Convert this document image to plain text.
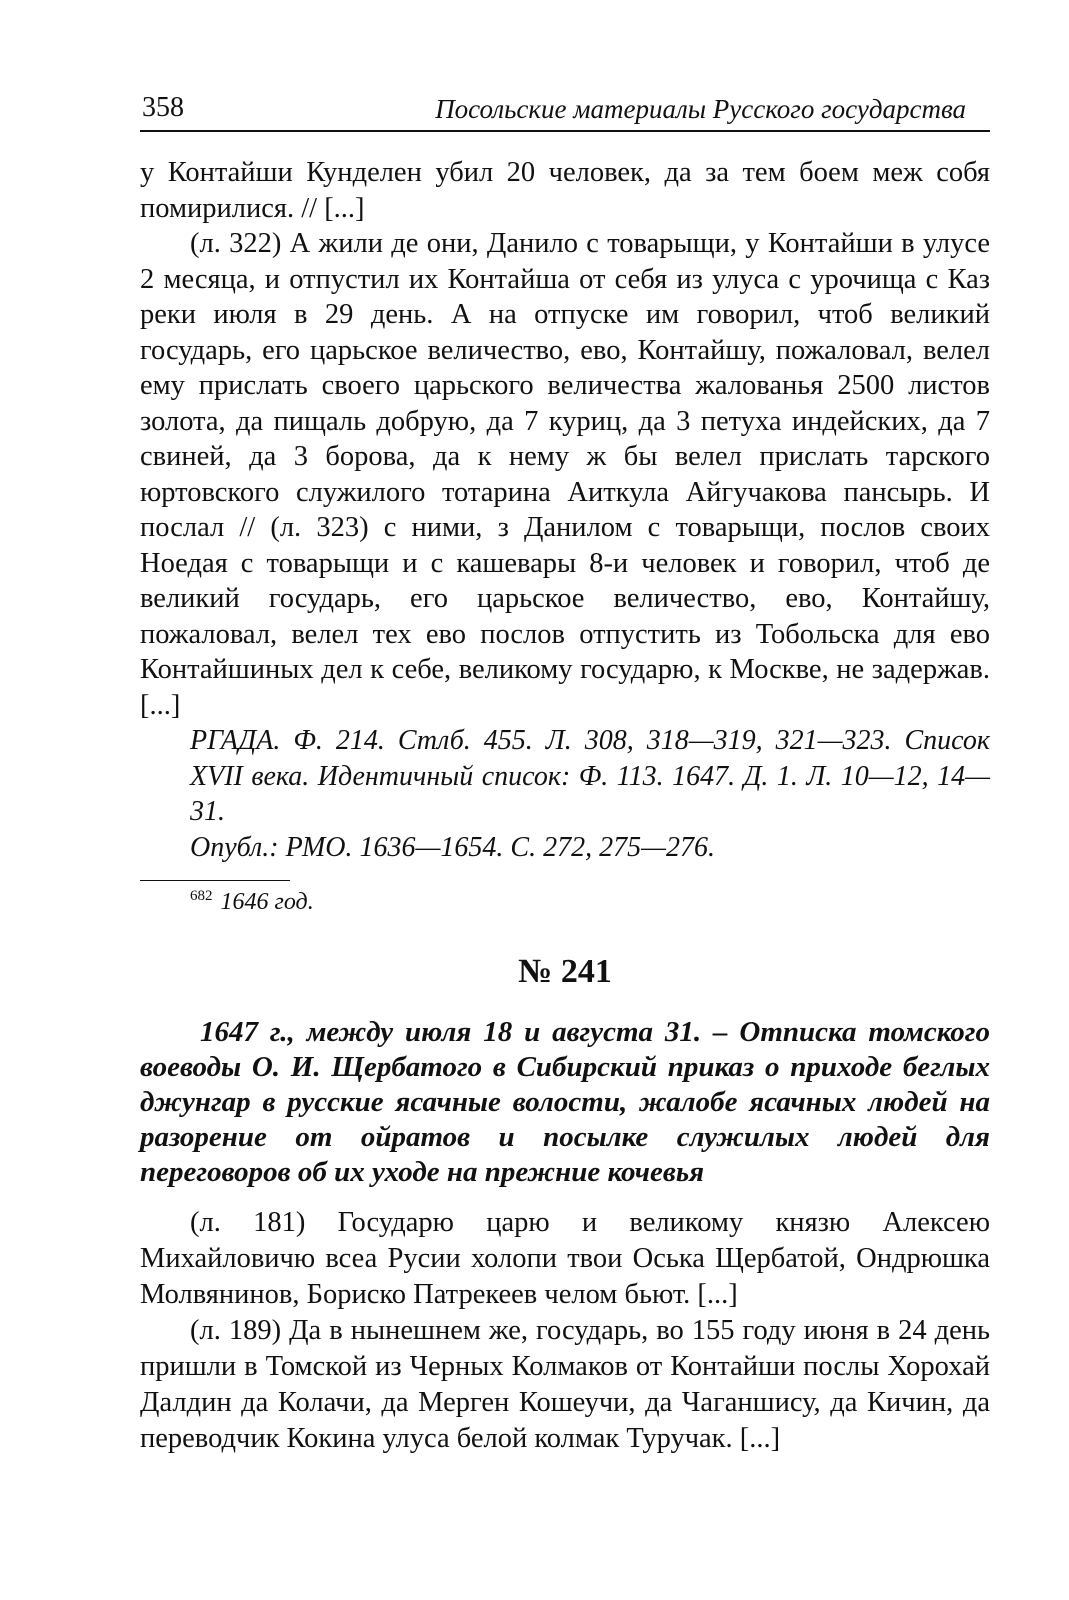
358	Посольские материалы Русского государства

у Контайши Кунделен убил 20 человек, да за тем боем меж собя помирилися. // [...]

(л. 322) А жили де они, Данило с товарыщи, у Контайши в улусе 2 месяца, и отпустил их Контайша от себя из улуса с урочища с Каз реки июля в 29 день. А на отпуске им говорил, чтоб великий государь, его царьское величество, ево, Контайшу, пожаловал, велел ему прислать своего царьского величества жалованья 2500 листов золота, да пищаль добрую, да 7 куриц, да 3 петуха индейских, да 7 свиней, да 3 борова, да к нему ж бы велел прислать тарского юртовского служилого тотарина Аиткула Айгучакова пансырь. И послал // (л. 323) с ними, з Данилом с товарыщи, послов своих Ноедая с товарыщи и с кашевары 8-и человек и говорил, чтоб де великий государь, его царьское величество, ево, Контайшу, пожаловал, велел тех ево послов отпустить из Тобольска для ево Контайшиных дел к себе, великому государю, к Москве, не задержав. [...]

РГАДА. Ф. 214. Стлб. 455. Л. 308, 318—319, 321—323. Список XVII века. Идентичный список: Ф. 113. 1647. Д. 1. Л. 10—12, 14—31.

Опубл.: РМО. 1636—1654. С. 272, 275—276.

$^{682}$ 1646 год.
№ 241
1647 г., между июля 18 и августа 31. – Отписка томского воеводы О. И. Щербатого в Сибирский приказ о приходе беглых джунгар в русские ясачные волости, жалобе ясачных людей на разорение от ойратов и посылке служилых людей для переговоров об их уходе на прежние кочевья

(л. 181) Государю царю и великому князю Алексею Михайловичю всеа Русии холопи твои Оська Щербатой, Ондрюшка Молвянинов, Бориско Патрекеев челом бьют. [...]

(л. 189) Да в нынешнем же, государь, во 155 году июня в 24 день пришли в Томской из Черных Колмаков от Контайши послы Хорохай Далдин да Колачи, да Мерген Кошеучи, да Чаганшису, да Кичин, да переводчик Кокина улуса белой колмак Туручак. [...]
